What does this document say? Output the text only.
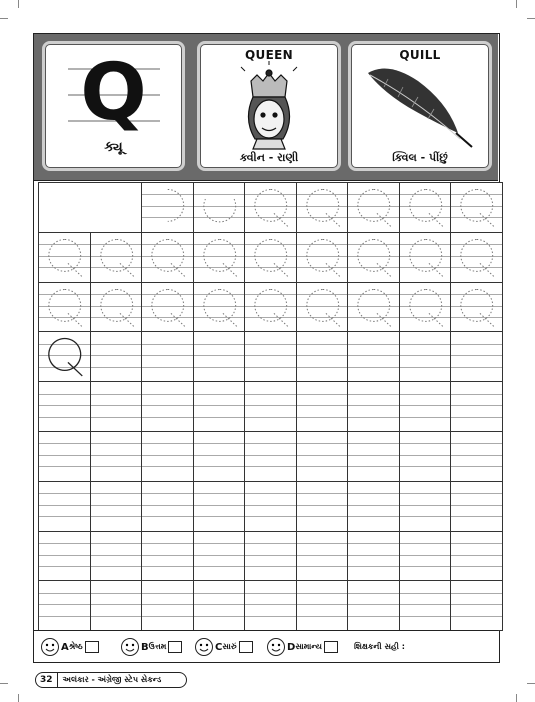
Q
ક્યૂ
QUEEN
ક્વીન - રાણી
QUILL
ક્વિલ - પીંછું
A શ્રેષ્ઠ	B ઉત્તમ	C સારું	D સામાન્ય	શિક્ષકની સહી :
32	અલંકાર - અંગ્રેજી સ્ટેપ સેકન્ડ
